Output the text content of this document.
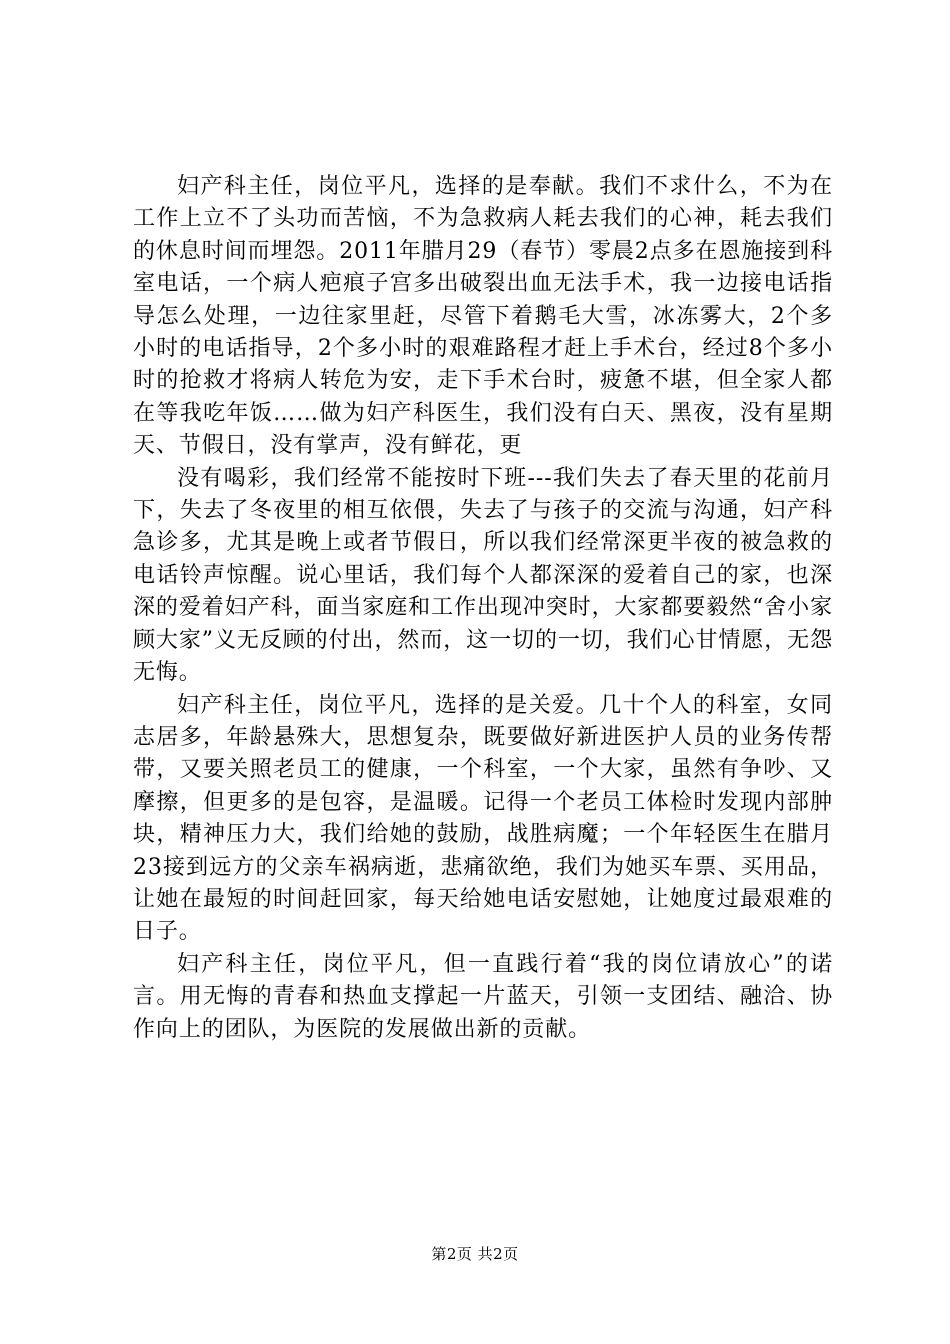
妇产科主任，岗位平凡，选择的是奉献。我们不求什么，不为在工作上立不了头功而苦恼，不为急救病人耗去我们的心神，耗去我们的休息时间而埋怨。2011年腊月29（春节）零晨2点多在恩施接到科室电话，一个病人疤痕子宫多出破裂出血无法手术，我一边接电话指导怎么处理，一边往家里赶，尽管下着鹅毛大雪，冰冻雾大，2个多小时的电话指导，2个多小时的艰难路程才赶上手术台，经过8个多小时的抢救才将病人转危为安，走下手术台时，疲惫不堪，但全家人都在等我吃年饭……做为妇产科医生，我们没有白天、黑夜，没有星期天、节假日，没有掌声，没有鲜花，更

没有喝彩，我们经常不能按时下班---我们失去了春天里的花前月下，失去了冬夜里的相互依偎，失去了与孩子的交流与沟通，妇产科急诊多，尤其是晚上或者节假日，所以我们经常深更半夜的被急救的电话铃声惊醒。说心里话，我们每个人都深深的爱着自己的家，也深深的爱着妇产科，面当家庭和工作出现冲突时，大家都要毅然“舍小家顾大家”义无反顾的付出，然而，这一切的一切，我们心甘情愿，无怨无悔。

妇产科主任，岗位平凡，选择的是关爱。几十个人的科室，女同志居多，年龄悬殊大，思想复杂，既要做好新进医护人员的业务传帮带，又要关照老员工的健康，一个科室，一个大家，虽然有争吵、又摩擦，但更多的是包容，是温暖。记得一个老员工体检时发现内部肿块，精神压力大，我们给她的鼓励，战胜病魔；一个年轻医生在腊月23接到远方的父亲车祸病逝，悲痛欲绝，我们为她买车票、买用品，让她在最短的时间赶回家，每天给她电话安慰她，让她度过最艰难的日子。

妇产科主任，岗位平凡，但一直践行着“我的岗位请放心”的诺言。用无悔的青春和热血支撑起一片蓝天，引领一支团结、融洽、协作向上的团队，为医院的发展做出新的贡献。

第2页 共2页
